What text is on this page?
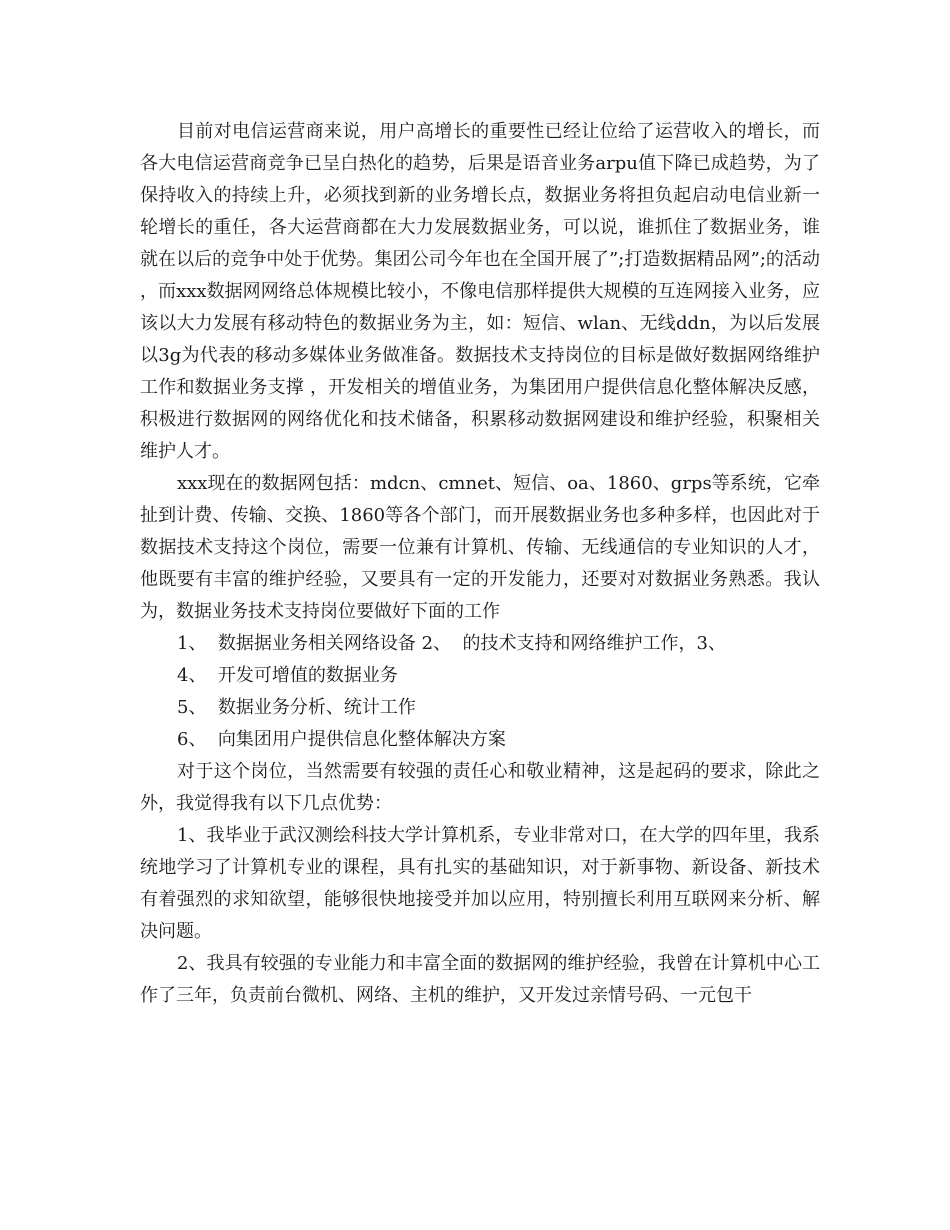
目前对电信运营商来说，用户高增长的重要性已经让位给了运营收入的增长，而各大电信运营商竞争已呈白热化的趋势，后果是语音业务arpu值下降已成趋势，为了保持收入的持续上升，必须找到新的业务增长点，数据业务将担负起启动电信业新一轮增长的重任，各大运营商都在大力发展数据业务，可以说，谁抓住了数据业务，谁就在以后的竞争中处于优势。集团公司今年也在全国开展了”;打造数据精品网”;的活动，而xxx数据网网络总体规模比较小，不像电信那样提供大规模的互连网接入业务，应该以大力发展有移动特色的数据业务为主，如：短信、wlan、无线ddn，为以后发展以3g为代表的移动多媒体业务做准备。数据技术支持岗位的目标是做好数据网络维护工作和数据业务支撑 ，开发相关的增值业务，为集团用户提供信息化整体解决反感，积极进行数据网的网络优化和技术储备，积累移动数据网建设和维护经验，积聚相关维护人才。

xxx现在的数据网包括：mdcn、cmnet、短信、oa、1860、grps等系统，它牵扯到计费、传输、交换、1860等各个部门，而开展数据业务也多种多样，也因此对于数据技术支持这个岗位，需要一位兼有计算机、传输、无线通信的专业知识的人才，他既要有丰富的维护经验，又要具有一定的开发能力，还要对对数据业务熟悉。我认为，数据业务技术支持岗位要做好下面的工作

1、  数据据业务相关网络设备 2、  的技术支持和网络维护工作，3、

4、  开发可增值的数据业务

5、  数据业务分析、统计工作

6、  向集团用户提供信息化整体解决方案

对于这个岗位，当然需要有较强的责任心和敬业精神，这是起码的要求，除此之外，我觉得我有以下几点优势：

1、我毕业于武汉测绘科技大学计算机系，专业非常对口，在大学的四年里，我系统地学习了计算机专业的课程，具有扎实的基础知识，对于新事物、新设备、新技术有着强烈的求知欲望，能够很快地接受并加以应用，特别擅长利用互联网来分析、解决问题。

2、我具有较强的专业能力和丰富全面的数据网的维护经验，我曾在计算机中心工作了三年，负责前台微机、网络、主机的维护，又开发过亲情号码、一元包干
